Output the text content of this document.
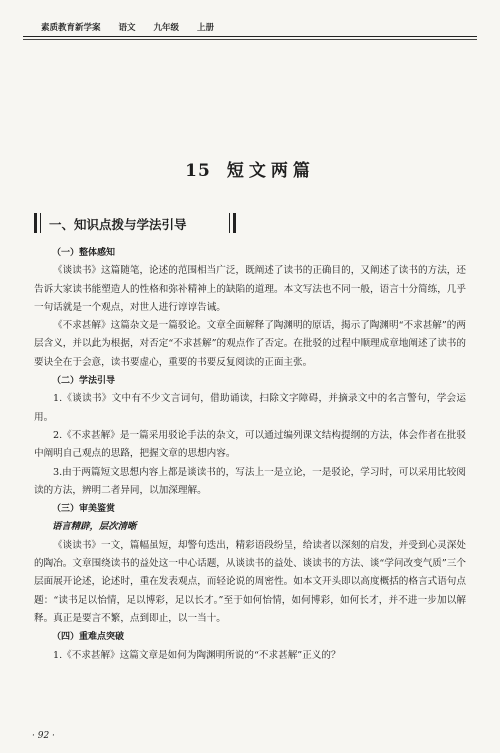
素质教育新学案 语文 九年级 上册
15 短文两篇
一、知识点拨与学法引导
（一）整体感知

《谈读书》这篇随笔，论述的范围相当广泛，既阐述了读书的正确目的，又阐述了读书的方法，还告诉大家读书能塑造人的性格和弥补精神上的缺陷的道理。本文写法也不同一般，语言十分简练，几乎一句话就是一个观点，对世人进行谆谆告诫。

《不求甚解》这篇杂文是一篇驳论。文章全面解释了陶渊明的原话，揭示了陶渊明“不求甚解”的两层含义，并以此为根据，对否定“不求甚解”的观点作了否定。在批驳的过程中顺理成章地阐述了读书的要诀全在于会意，读书要虚心，重要的书要反复阅读的正面主张。

（二）学法引导

1.《谈读书》文中有不少文言词句，借助诵读，扫除文字障碍，并摘录文中的名言警句，学会运用。

2.《不求甚解》是一篇采用驳论手法的杂文，可以通过编列课文结构提纲的方法，体会作者在批驳中阐明自己观点的思路，把握文章的思想内容。

3.由于两篇短文思想内容上都是谈读书的，写法上一是立论，一是驳论，学习时，可以采用比较阅读的方法，辨明二者异同，以加深理解。

（三）审美鉴赏
语言精辟，层次清晰

《谈读书》一文，篇幅虽短，却警句迭出，精彩语段纷呈，给读者以深刻的启发，并受到心灵深处的陶冶。文章围绕读书的益处这一中心话题，从谈读书的益处、谈读书的方法、谈“学问改变气质”三个层面展开论述，论述时，重在发表观点，而轻论说的周密性。如本文开头即以高度概括的格言式语句点题：“读书足以怡情，足以博彩，足以长才。”至于如何怡情，如何博彩，如何长才，并不进一步加以解释。真正是要言不繁，点到即止，以一当十。

（四）重难点突破

1.《不求甚解》这篇文章是如何为陶渊明所说的“不求甚解”正义的？

· 92 ·
